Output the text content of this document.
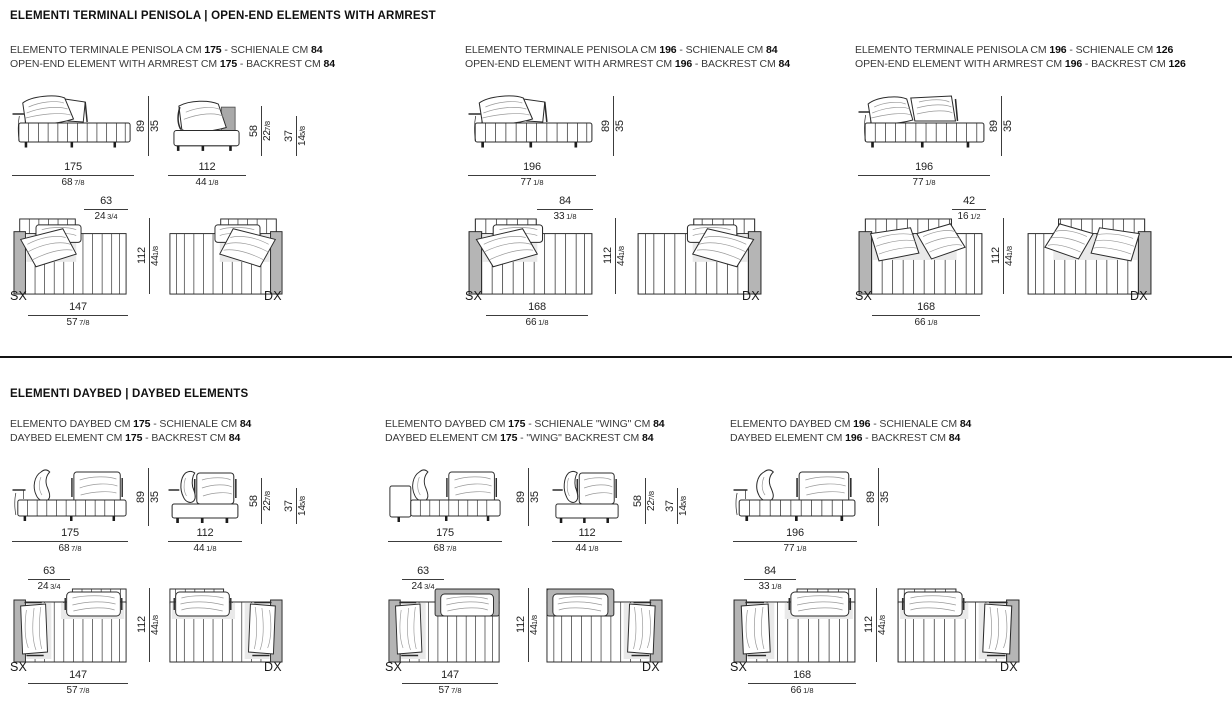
ELEMENTI TERMINALI PENISOLA | OPEN-END ELEMENTS WITH ARMREST
ELEMENTO TERMINALE PENISOLA CM 175 - SCHIENALE CM 84
OPEN-END ELEMENT WITH ARMREST CM 175 - BACKREST CM 84
89 35	58 227/8
37 145/8
175
68 7/8
112
44 1/8
63
24 3/4
SX
147
57 7/8
112 441/8
DX
ELEMENTO TERMINALE PENISOLA CM 196 - SCHIENALE CM 84
OPEN-END ELEMENT WITH ARMREST CM 196 - BACKREST CM 84
89 35
196
77 1/8
84
33 1/8
SX
168
66 1/8
112 441/8
DX
ELEMENTO TERMINALE PENISOLA CM 196 - SCHIENALE CM 126
OPEN-END ELEMENT WITH ARMREST CM 196 - BACKREST CM 126
89 35
196
77 1/8
42
16 1/2
SX
168
66 1/8
112 441/8
DX
ELEMENTI DAYBED | DAYBED ELEMENTS
ELEMENTO DAYBED CM 175 - SCHIENALE CM 84
DAYBED ELEMENT CM 175 - BACKREST CM 84
89 35	58 227/8
37 145/8
175
68 7/8
112
44 1/8
63
24 3/4
SX
147
57 7/8
112 441/8
DX
ELEMENTO DAYBED CM 175 - SCHIENALE "WING" CM 84
DAYBED ELEMENT CM 175 - "WING" BACKREST CM 84
89 35	58 227/8
37 145/8
175
68 7/8
112
44 1/8
63
24 3/4
SX
147
57 7/8
112 441/8
DX
ELEMENTO DAYBED CM 196 - SCHIENALE CM 84
DAYBED ELEMENT CM 196 - BACKREST CM 84
89 35
196
77 1/8
84
33 1/8
SX
168
66 1/8
112 441/8
DX
